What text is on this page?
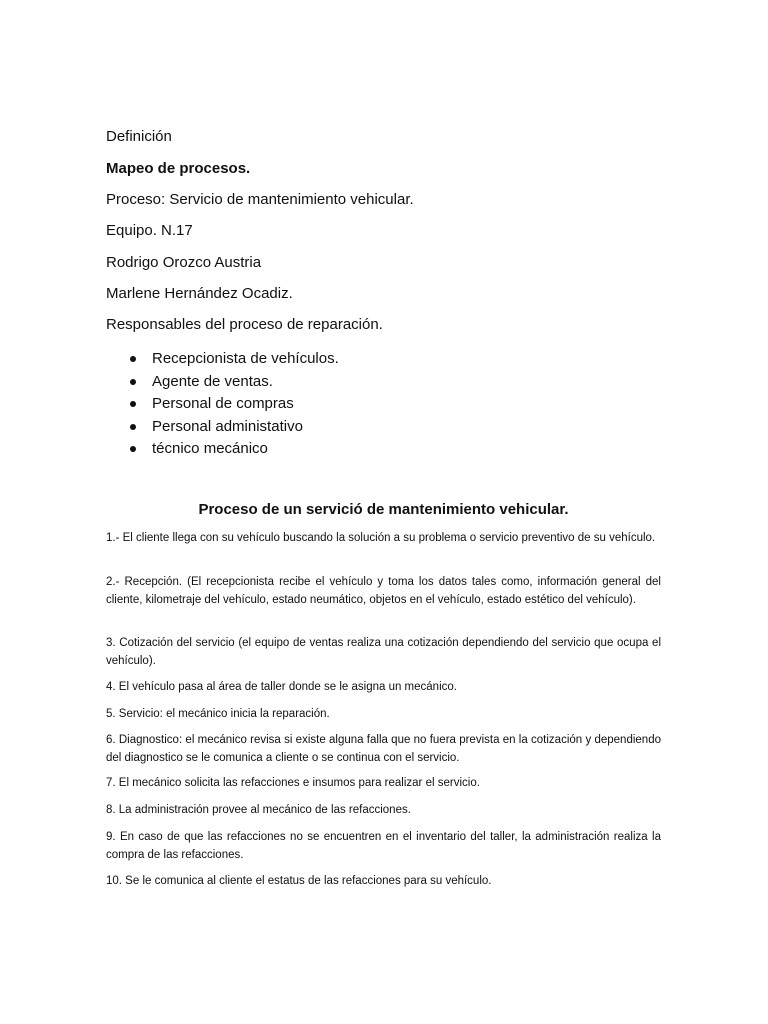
Definición
Mapeo de procesos.
Proceso: Servicio de mantenimiento vehicular.
Equipo. N.17
Rodrigo Orozco Austria
Marlene Hernández Ocadiz.
Responsables del proceso de reparación.
Recepcionista de vehículos.
Agente de ventas.
Personal de compras
Personal administativo
técnico mecánico
Proceso de un servició de mantenimiento vehicular.
1.- El cliente llega con su vehículo buscando la solución a su problema o servicio preventivo de su vehículo.
2.- Recepción. (El recepcionista recibe el vehículo y toma los datos tales como, información general del cliente, kilometraje del vehículo, estado neumático, objetos en el vehículo, estado estético del vehículo).
3. Cotización del servicio (el equipo de ventas realiza una cotización dependiendo del servicio que ocupa el vehículo).
4. El vehículo pasa al área de taller donde se le asigna un mecánico.
5. Servicio: el mecánico inicia la reparación.
6. Diagnostico: el mecánico revisa si existe alguna falla que no fuera prevista en la cotización y dependiendo del diagnostico se le comunica a cliente o se continua con el servicio.
7. El mecánico solicita las refacciones e insumos para realizar el servicio.
8. La administración provee al mecánico de las refacciones.
9. En caso de que las refacciones no se encuentren en el inventario del taller, la administración realiza la compra de las refacciones.
10. Se le comunica al cliente el estatus de las refacciones para su vehículo.
